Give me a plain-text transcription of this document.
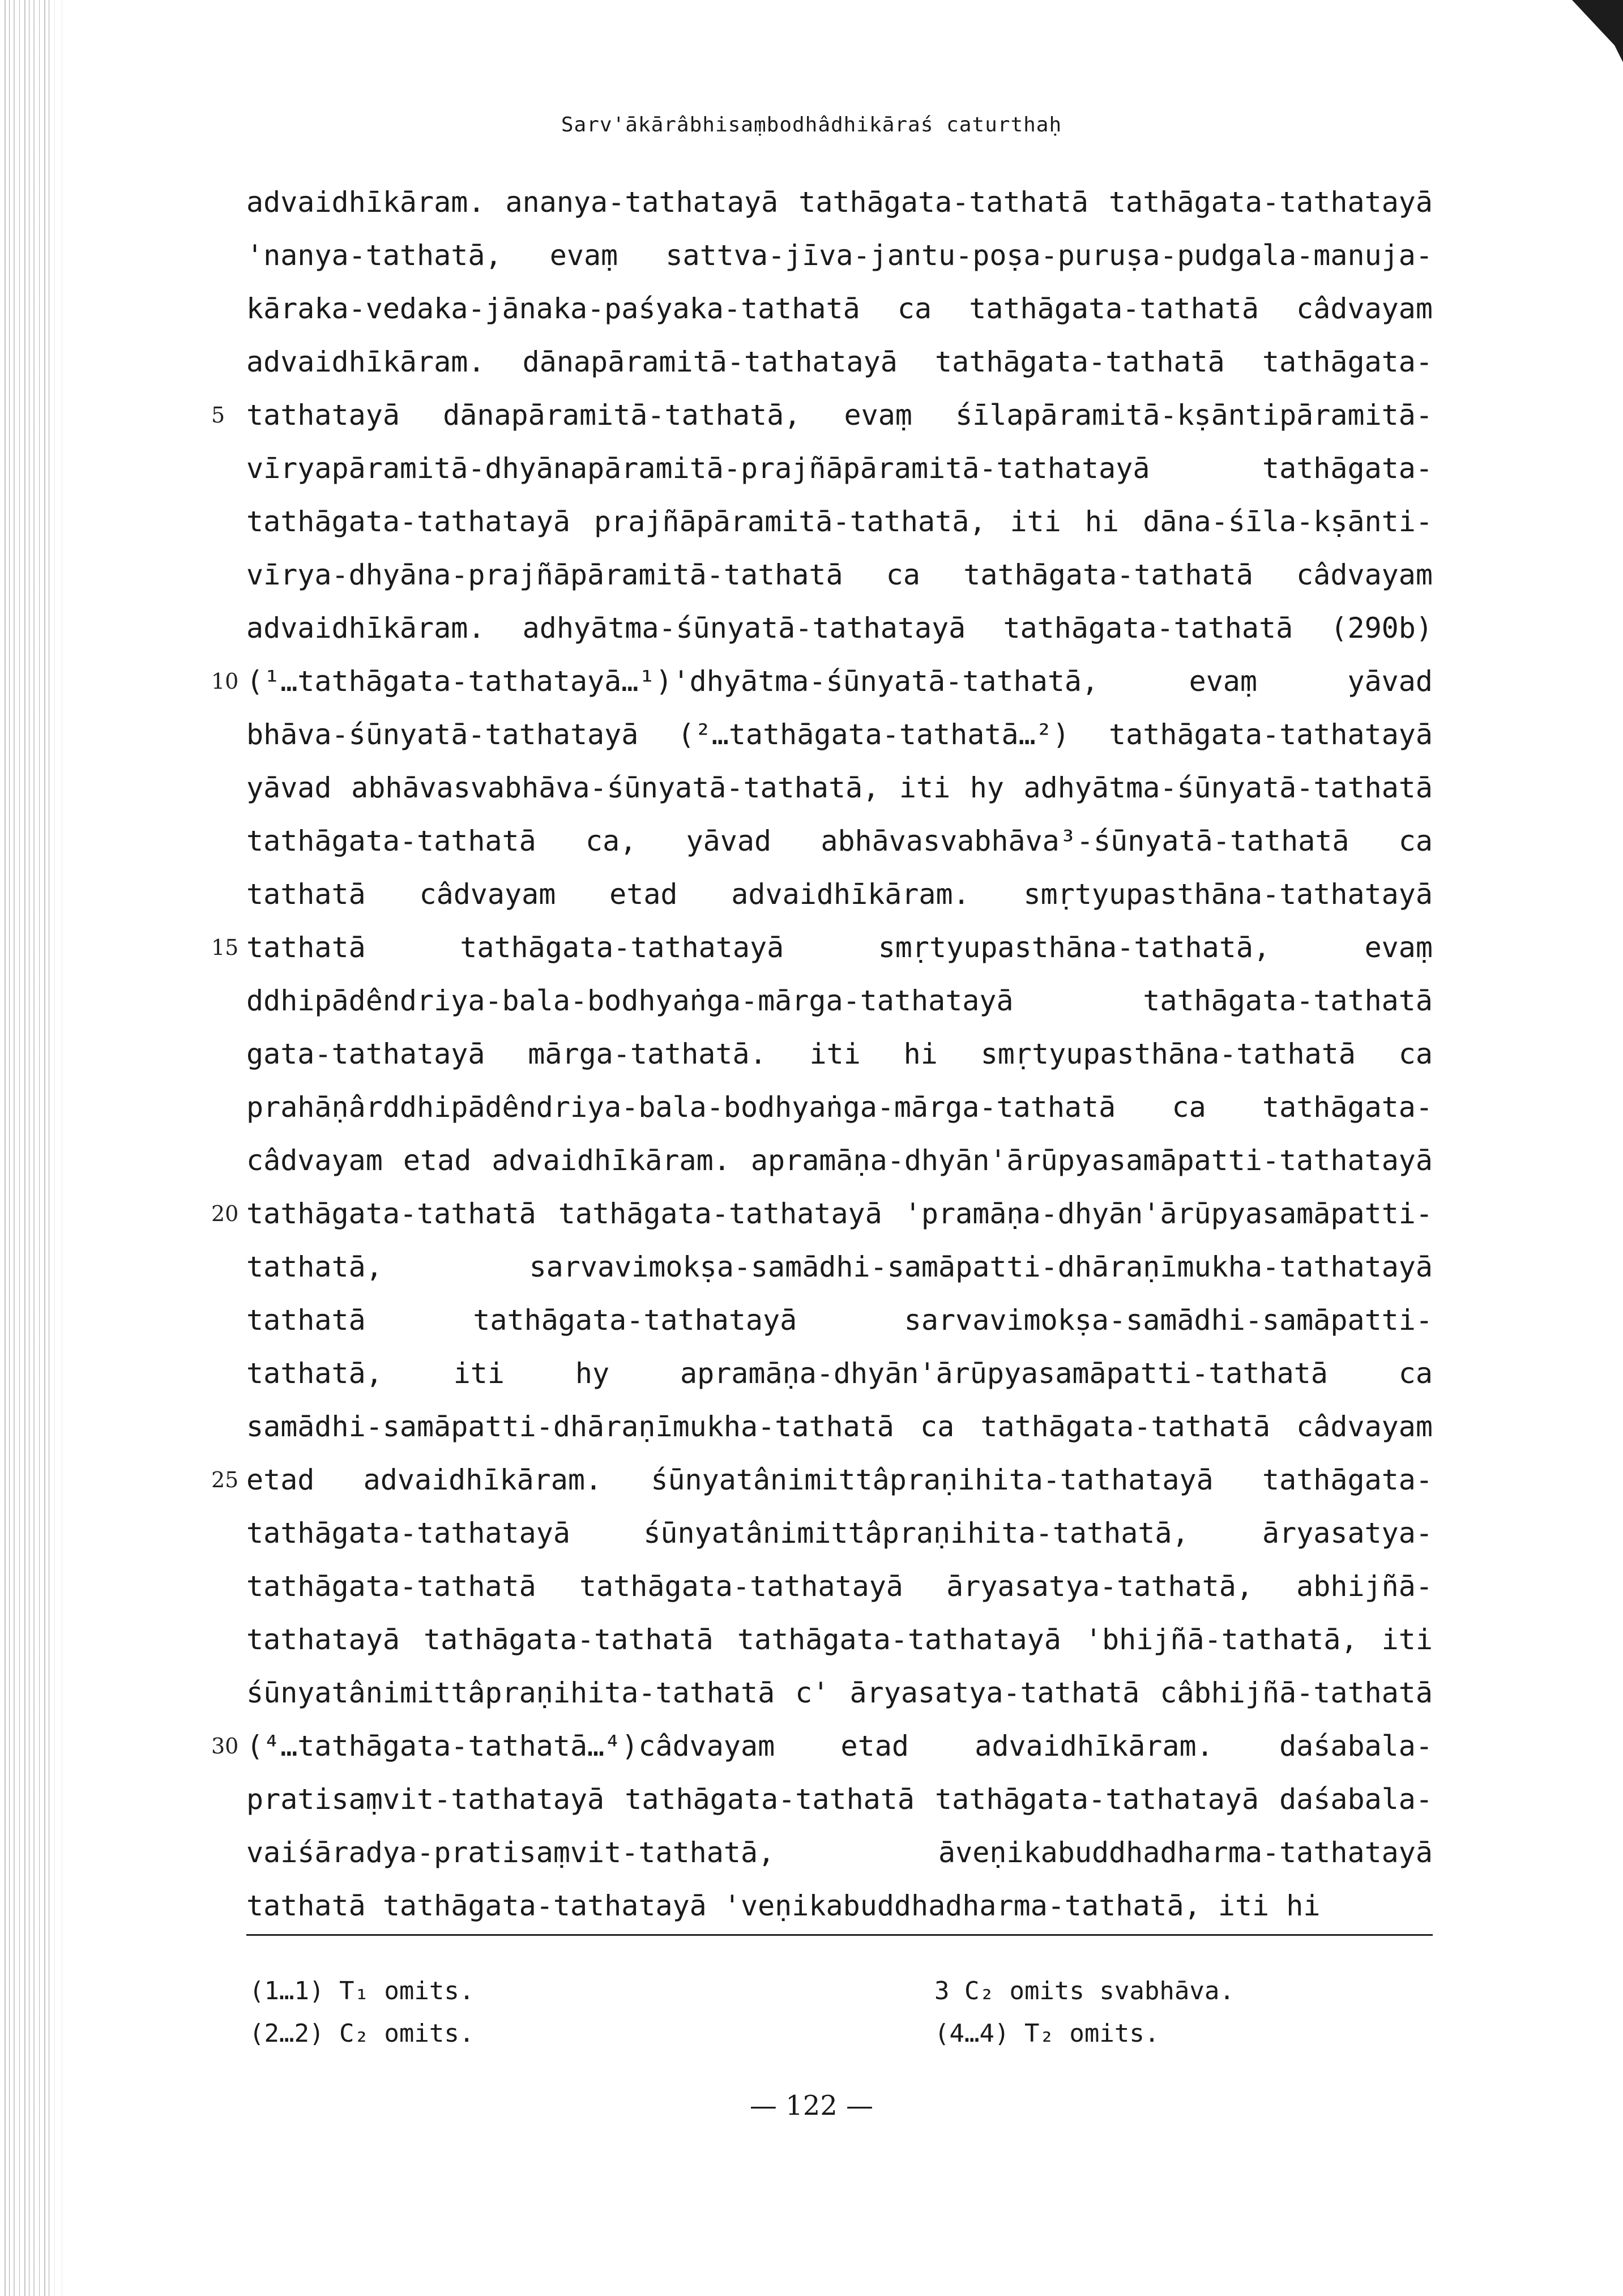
Sarv'ākārâbhisaṃbodhâdhikāraś caturthaḥ
advaidhīkāram. ananya-tathatayā tathāgata-tathatā tathāgata-tathatayā
'nanya-tathatā, evaṃ sattva-jīva-jantu-poṣa-puruṣa-pudgala-manuja-
kāraka-vedaka-jānaka-paśyaka-tathatā ca tathāgata-tathatā câdvayam
advaidhīkāram. dānapāramitā-tathatayā tathāgata-tathatā tathāgata-
5 tathatayā dānapāramitā-tathatā, evaṃ śīlapāramitā-kṣāntipāramitā-
vīryapāramitā-dhyānapāramitā-prajñāpāramitā-tathatayā tathāgata-
tathāgata-tathatayā prajñāpāramitā-tathatā, iti hi dāna-śīla-kṣānti-
vīrya-dhyāna-prajñāpāramitā-tathatā ca tathāgata-tathatā câdvayam
advaidhīkāram. adhyātma-śūnyatā-tathatayā tathāgata-tathatā (290b)
10 (¹…tathāgata-tathatayā…¹)'dhyātma-śūnyatā-tathatā, evaṃ yāvad
bhāva-śūnyatā-tathatayā (²…tathāgata-tathatā…²) tathāgata-tathatayā
yāvad abhāvasvabhāva-śūnyatā-tathatā, iti hy adhyātma-śūnyatā-tathatā
tathāgata-tathatā ca, yāvad abhāvasvabhāva³-śūnyatā-tathatā ca
tathatā câdvayam etad advaidhīkāram. smṛtyupasthāna-tathatayā
15 tathatā tathāgata-tathatayā smṛtyupasthāna-tathatā, evaṃ
ddhipādêndriya-bala-bodhyaṅga-mārga-tathatayā tathāgata-tathatā
gata-tathatayā mārga-tathatā. iti hi smṛtyupasthāna-tathatā ca
prahāṇârddhipādêndriya-bala-bodhyaṅga-mārga-tathatā ca tathāgata-
câdvayam etad advaidhīkāram. apramāṇa-dhyān'ārūpyasamāpatti-tathatayā
20 tathāgata-tathatā tathāgata-tathatayā 'pramāṇa-dhyān'ārūpyasamāpatti-
tathatā, sarvavimokṣa-samādhi-samāpatti-dhāraṇīmukha-tathatayā
tathatā tathāgata-tathatayā sarvavimokṣa-samādhi-samāpatti-
tathatā, iti hy apramāṇa-dhyān'ārūpyasamāpatti-tathatā ca
samādhi-samāpatti-dhāraṇīmukha-tathatā ca tathāgata-tathatā câdvayam
25 etad advaidhīkāram. śūnyatânimittâpraṇihita-tathatayā tathāgata-
tathāgata-tathatayā śūnyatânimittâpraṇihita-tathatā, āryasatya-
tathāgata-tathatā tathāgata-tathatayā āryasatya-tathatā, abhijñā-
tathatayā tathāgata-tathatā tathāgata-tathatayā 'bhijñā-tathatā, iti
śūnyatânimittâpraṇihita-tathatā c' āryasatya-tathatā câbhijñā-tathatā
30 (⁴…tathāgata-tathatā…⁴)câdvayam etad advaidhīkāram. daśabala-
pratisaṃvit-tathatayā tathāgata-tathatā tathāgata-tathatayā daśabala-
vaiśāradya-pratisaṃvit-tathatā, āveṇikabuddhadharma-tathatayā
tathatā tathāgata-tathatayā 'veṇikabuddhadharma-tathatā, iti hi
(1…1) T₁ omits.
(2…2) C₂ omits.
3 C₂ omits svabhāva.
(4…4) T₂ omits.
— 122 —
